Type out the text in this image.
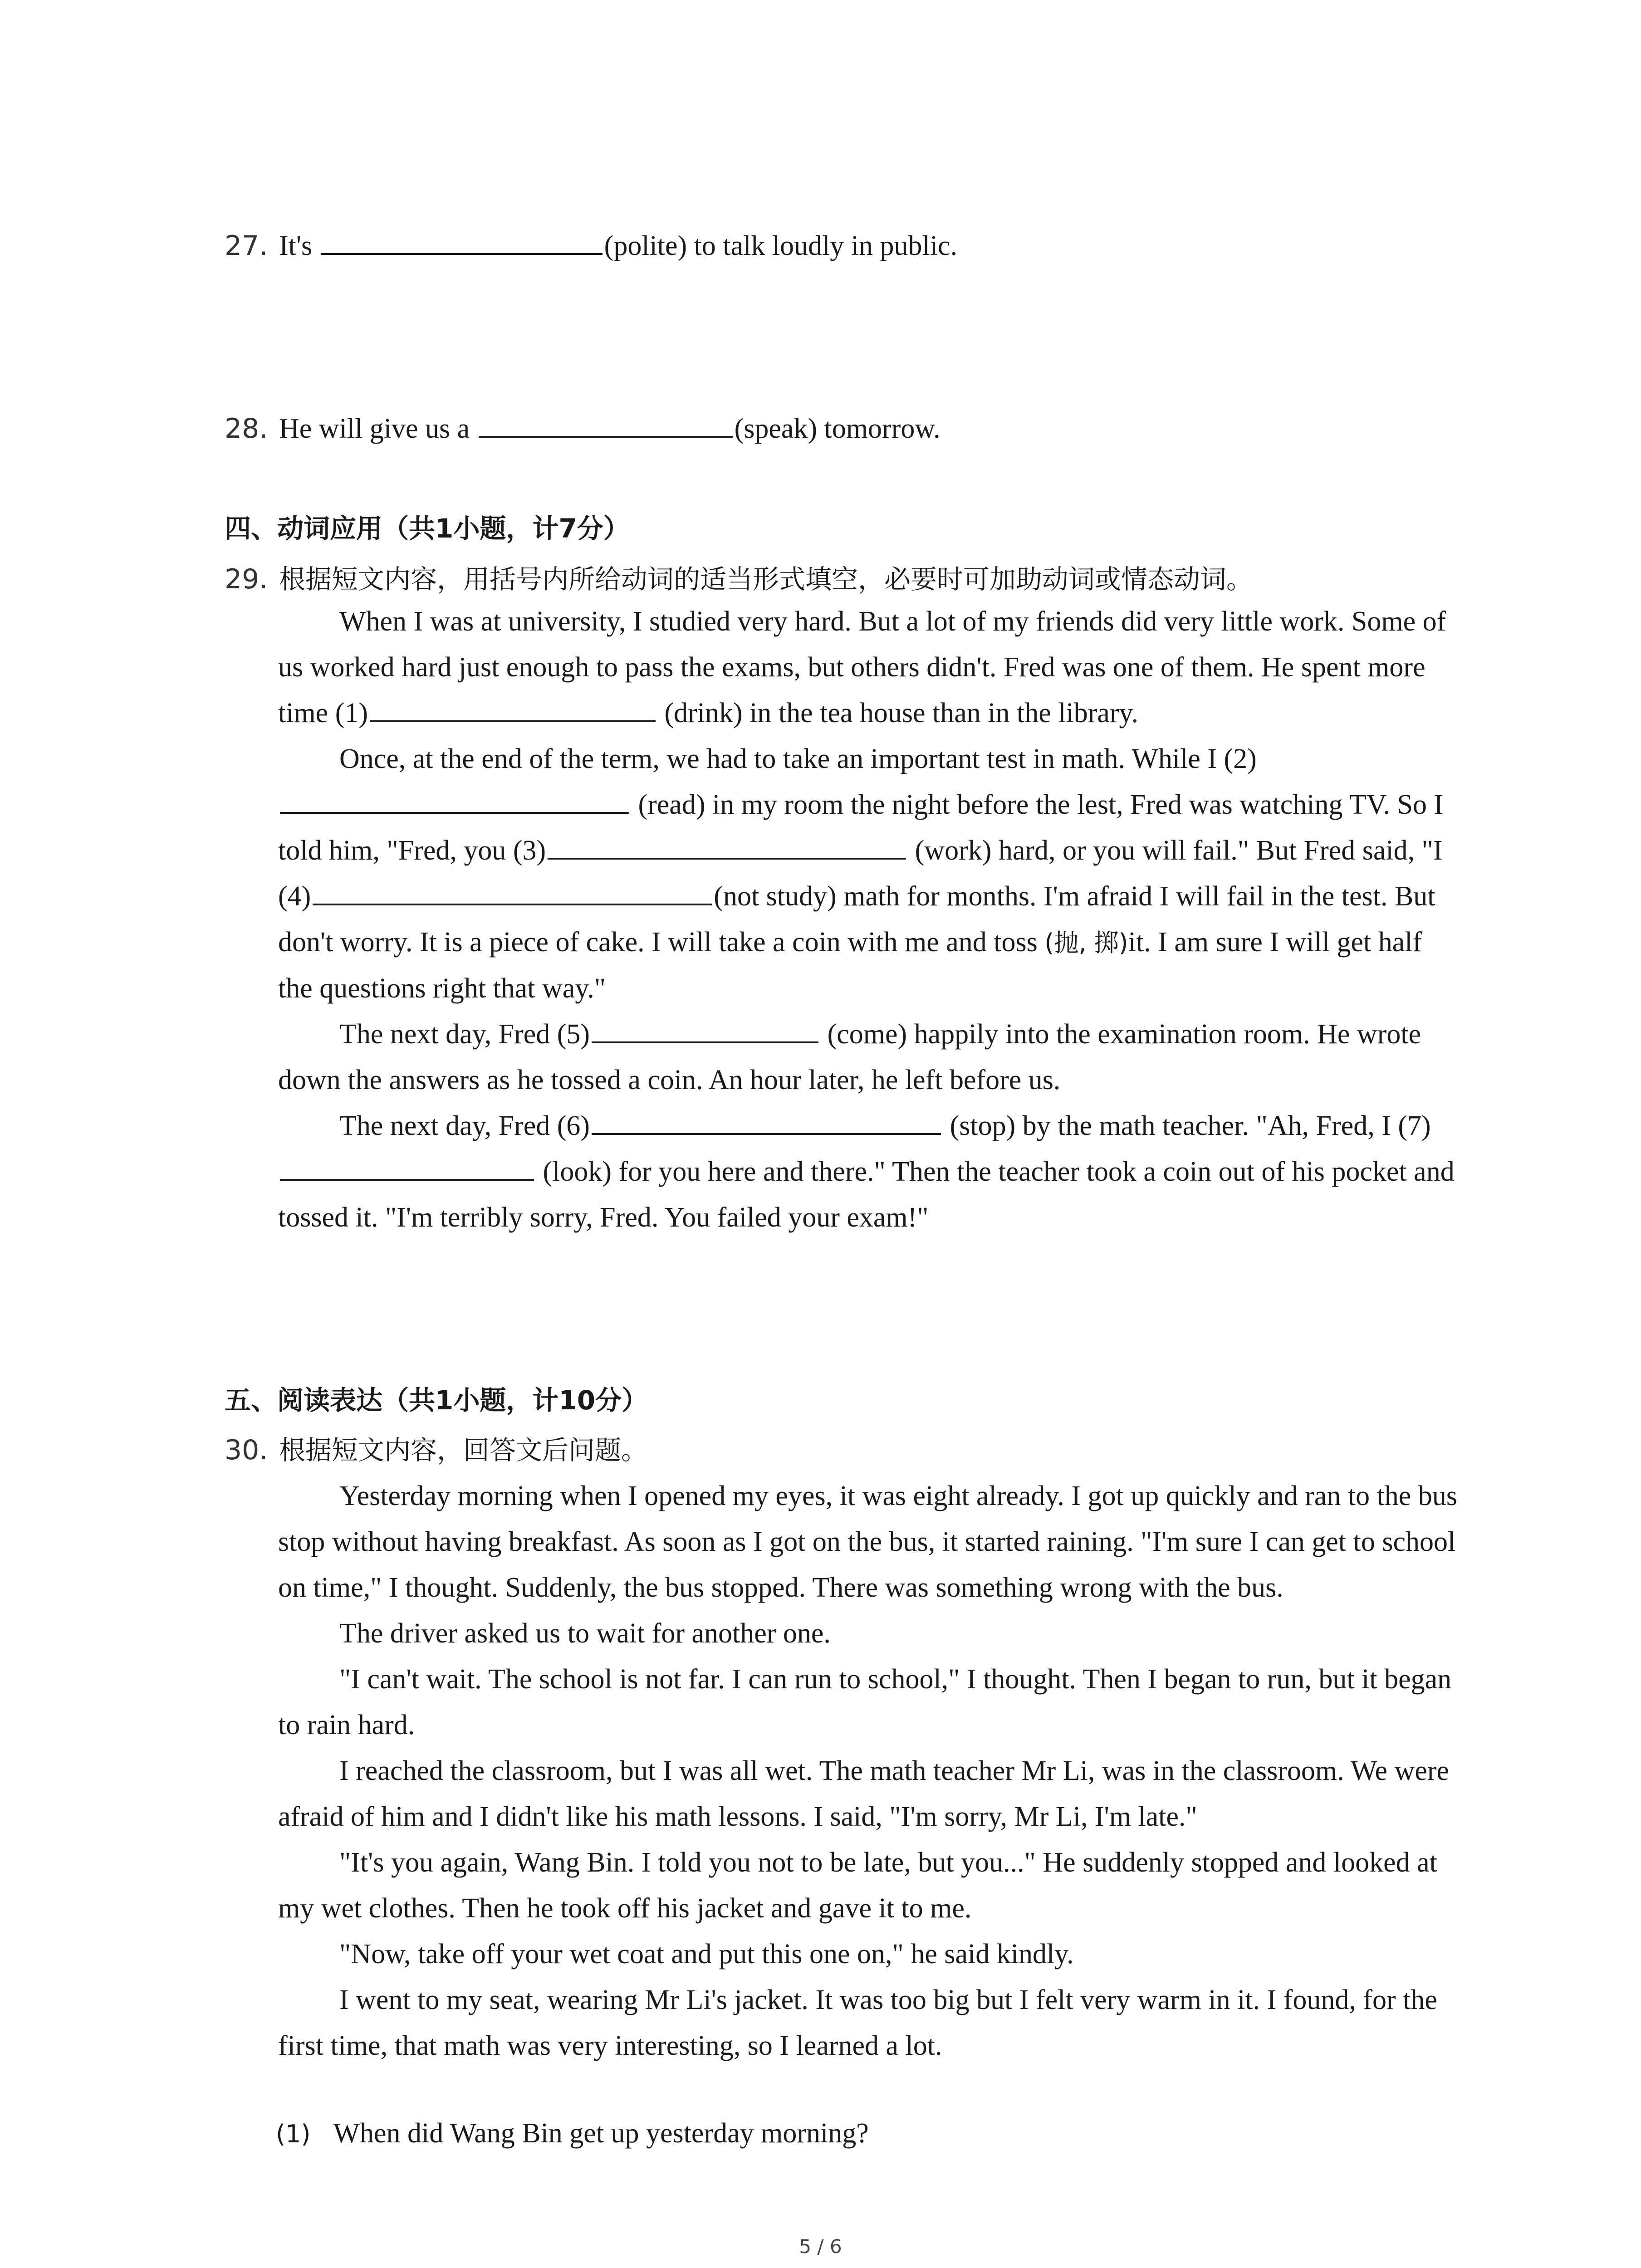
27. It's	(polite) to talk loudly in public.
28. He will give us a	(speak) tomorrow.
四、动词应用（共1小题，计7分）
29. 根据短文内容，用括号内所给动词的适当形式填空，必要时可加助动词或情态动词。

When I was at university, I studied very hard. But a lot of my friends did very little work. Some of us worked hard just enough to pass the exams, but others didn't. Fred was one of them. He spent more time (1)	(drink) in the tea house than in the library.

Once, at the end of the term, we had to take an important test in math. While I (2) (read) in my room the night before the lest, Fred was watching TV. So I told him, "Fred, you (3)	(work) hard, or you will fail." But Fred said, "I (4)	(not study) math for months. I'm afraid I will fail in the test. But don't worry. It is a piece of cake. I will take a coin with me and toss (抛, 掷)it. I am sure I will get half the questions right that way."

The next day, Fred (5)	(come) happily into the examination room. He wrote down the answers as he tossed a coin. An hour later, he left before us.

The next day, Fred (6)	(stop) by the math teacher. "Ah, Fred, I (7) (look) for you here and there." Then the teacher took a coin out of his pocket and tossed it. "I'm terribly sorry, Fred. You failed your exam!"

五、阅读表达（共1小题，计10分）
30. 根据短文内容，回答文后问题。

Yesterday morning when I opened my eyes, it was eight already. I got up quickly and ran to the bus stop without having breakfast. As soon as I got on the bus, it started raining. "I'm sure I can get to school on time," I thought. Suddenly, the bus stopped. There was something wrong with the bus.

The driver asked us to wait for another one.

"I can't wait. The school is not far. I can run to school," I thought. Then I began to run, but it began to rain hard.

I reached the classroom, but I was all wet. The math teacher Mr Li, was in the classroom. We were afraid of him and I didn't like his math lessons. I said, "I'm sorry, Mr Li, I'm late."

"It's you again, Wang Bin. I told you not to be late, but you..." He suddenly stopped and looked at my wet clothes. Then he took off his jacket and gave it to me.

"Now, take off your wet coat and put this one on," he said kindly.

I went to my seat, wearing Mr Li's jacket. It was too big but I felt very warm in it. I found, for the first time, that math was very interesting, so I learned a lot.

(1) When did Wang Bin get up yesterday morning?
5 / 6
